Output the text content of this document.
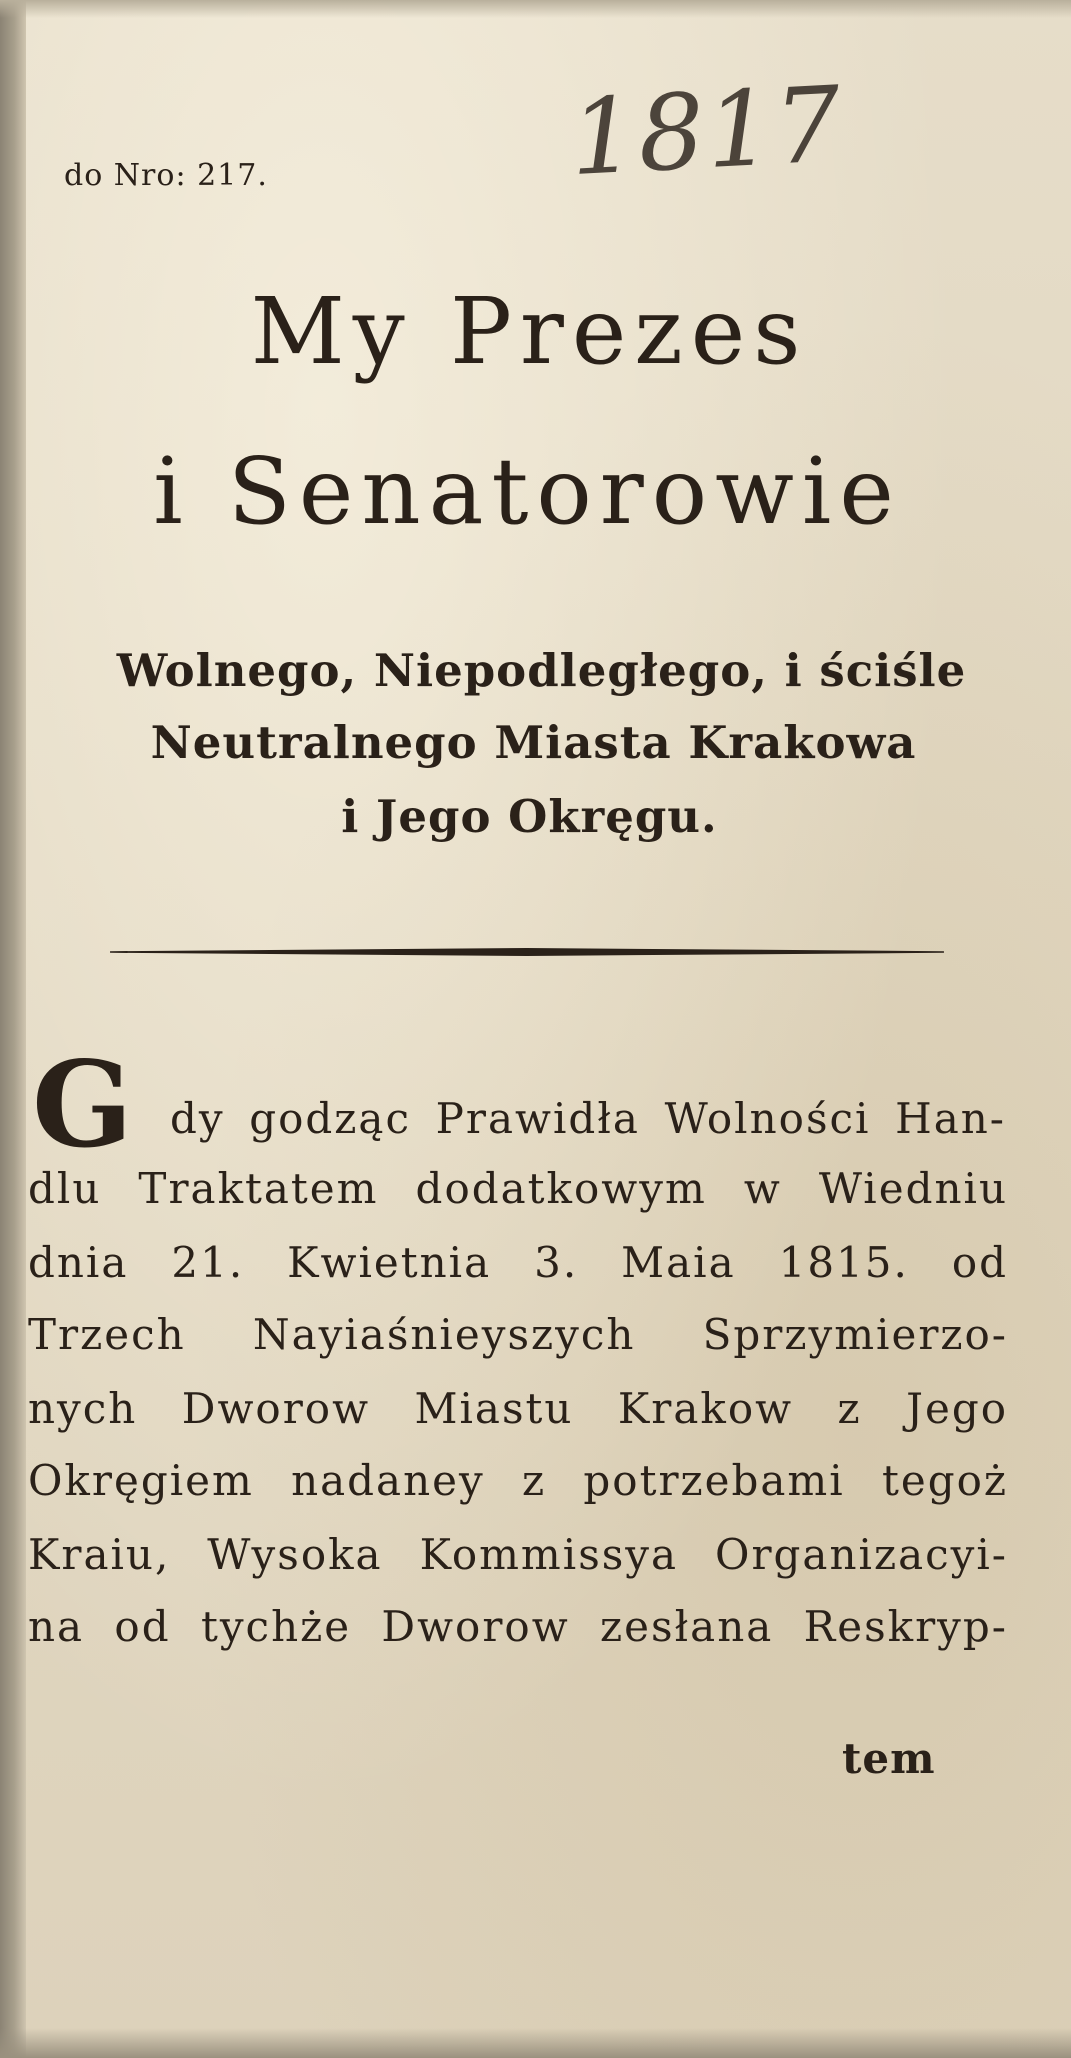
do Nro: 217.	1817
My Prezes
i Senatorowie
Wolnego, Niepodległego, i ściśle
Neutralnego Miasta Krakowa
i Jego Okręgu.
G dy godząc Prawidła Wolności Han-
dlu Traktatem dodatkowym w Wiedniu
dnia 21. Kwietnia 3. Maia 1815. od
Trzech Nayiaśnieyszych Sprzymierzo-
nych Dworow Miastu Krakow z Jego
Okręgiem nadaney z potrzebami tegoż
Kraiu, Wysoka Kommissya Organizacyi-
na od tychże Dworow zesłana Reskryp-
tem
